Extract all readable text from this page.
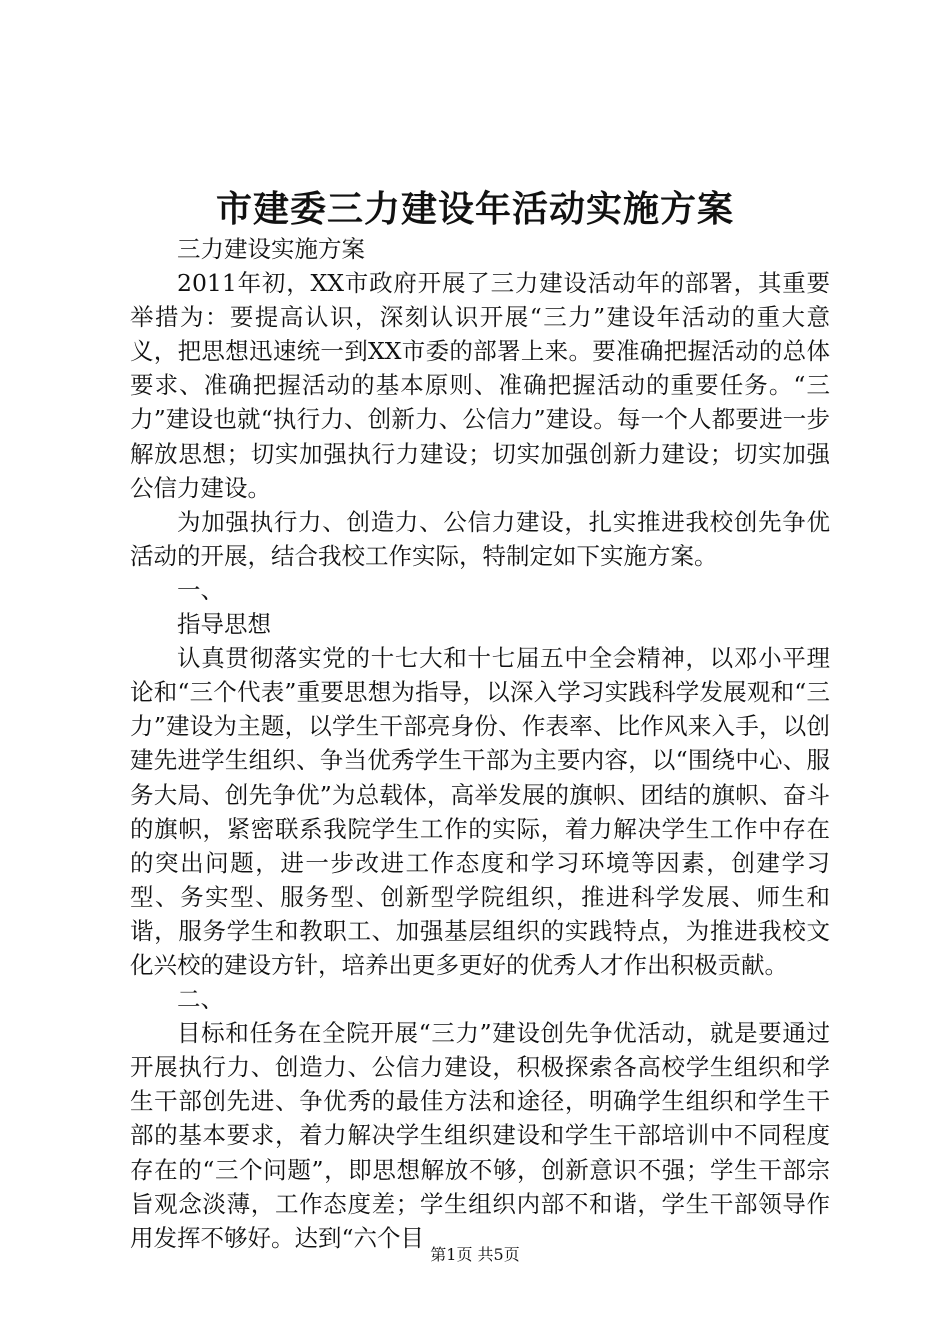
市建委三力建设年活动实施方案

三力建设实施方案

2011年初，XX市政府开展了三力建设活动年的部署，其重要举措为：要提高认识，深刻认识开展“三力”建设年活动的重大意义，把思想迅速统一到XX市委的部署上来。要准确把握活动的总体要求、准确把握活动的基本原则、准确把握活动的重要任务。“三力”建设也就“执行力、创新力、公信力”建设。每一个人都要进一步解放思想；切实加强执行力建设；切实加强创新力建设；切实加强公信力建设。

为加强执行力、创造力、公信力建设，扎实推进我校创先争优活动的开展，结合我校工作实际，特制定如下实施方案。

一、

指导思想

认真贯彻落实党的十七大和十七届五中全会精神，以邓小平理论和“三个代表”重要思想为指导，以深入学习实践科学发展观和“三力”建设为主题，以学生干部亮身份、作表率、比作风来入手，以创建先进学生组织、争当优秀学生干部为主要内容，以“围绕中心、服务大局、创先争优”为总载体，高举发展的旗帜、团结的旗帜、奋斗的旗帜，紧密联系我院学生工作的实际，着力解决学生工作中存在的突出问题，进一步改进工作态度和学习环境等因素，创建学习型、务实型、服务型、创新型学院组织，推进科学发展、师生和谐，服务学生和教职工、加强基层组织的实践特点，为推进我校文化兴校的建设方针，培养出更多更好的优秀人才作出积极贡献。

二、

目标和任务在全院开展“三力”建设创先争优活动，就是要通过开展执行力、创造力、公信力建设，积极探索各高校学生组织和学生干部创先进、争优秀的最佳方法和途径，明确学生组织和学生干部的基本要求，着力解决学生组织建设和学生干部培训中不同程度存在的“三个问题”，即思想解放不够，创新意识不强；学生干部宗旨观念淡薄，工作态度差；学生组织内部不和谐，学生干部领导作用发挥不够好。达到“六个目

第1页 共5页
